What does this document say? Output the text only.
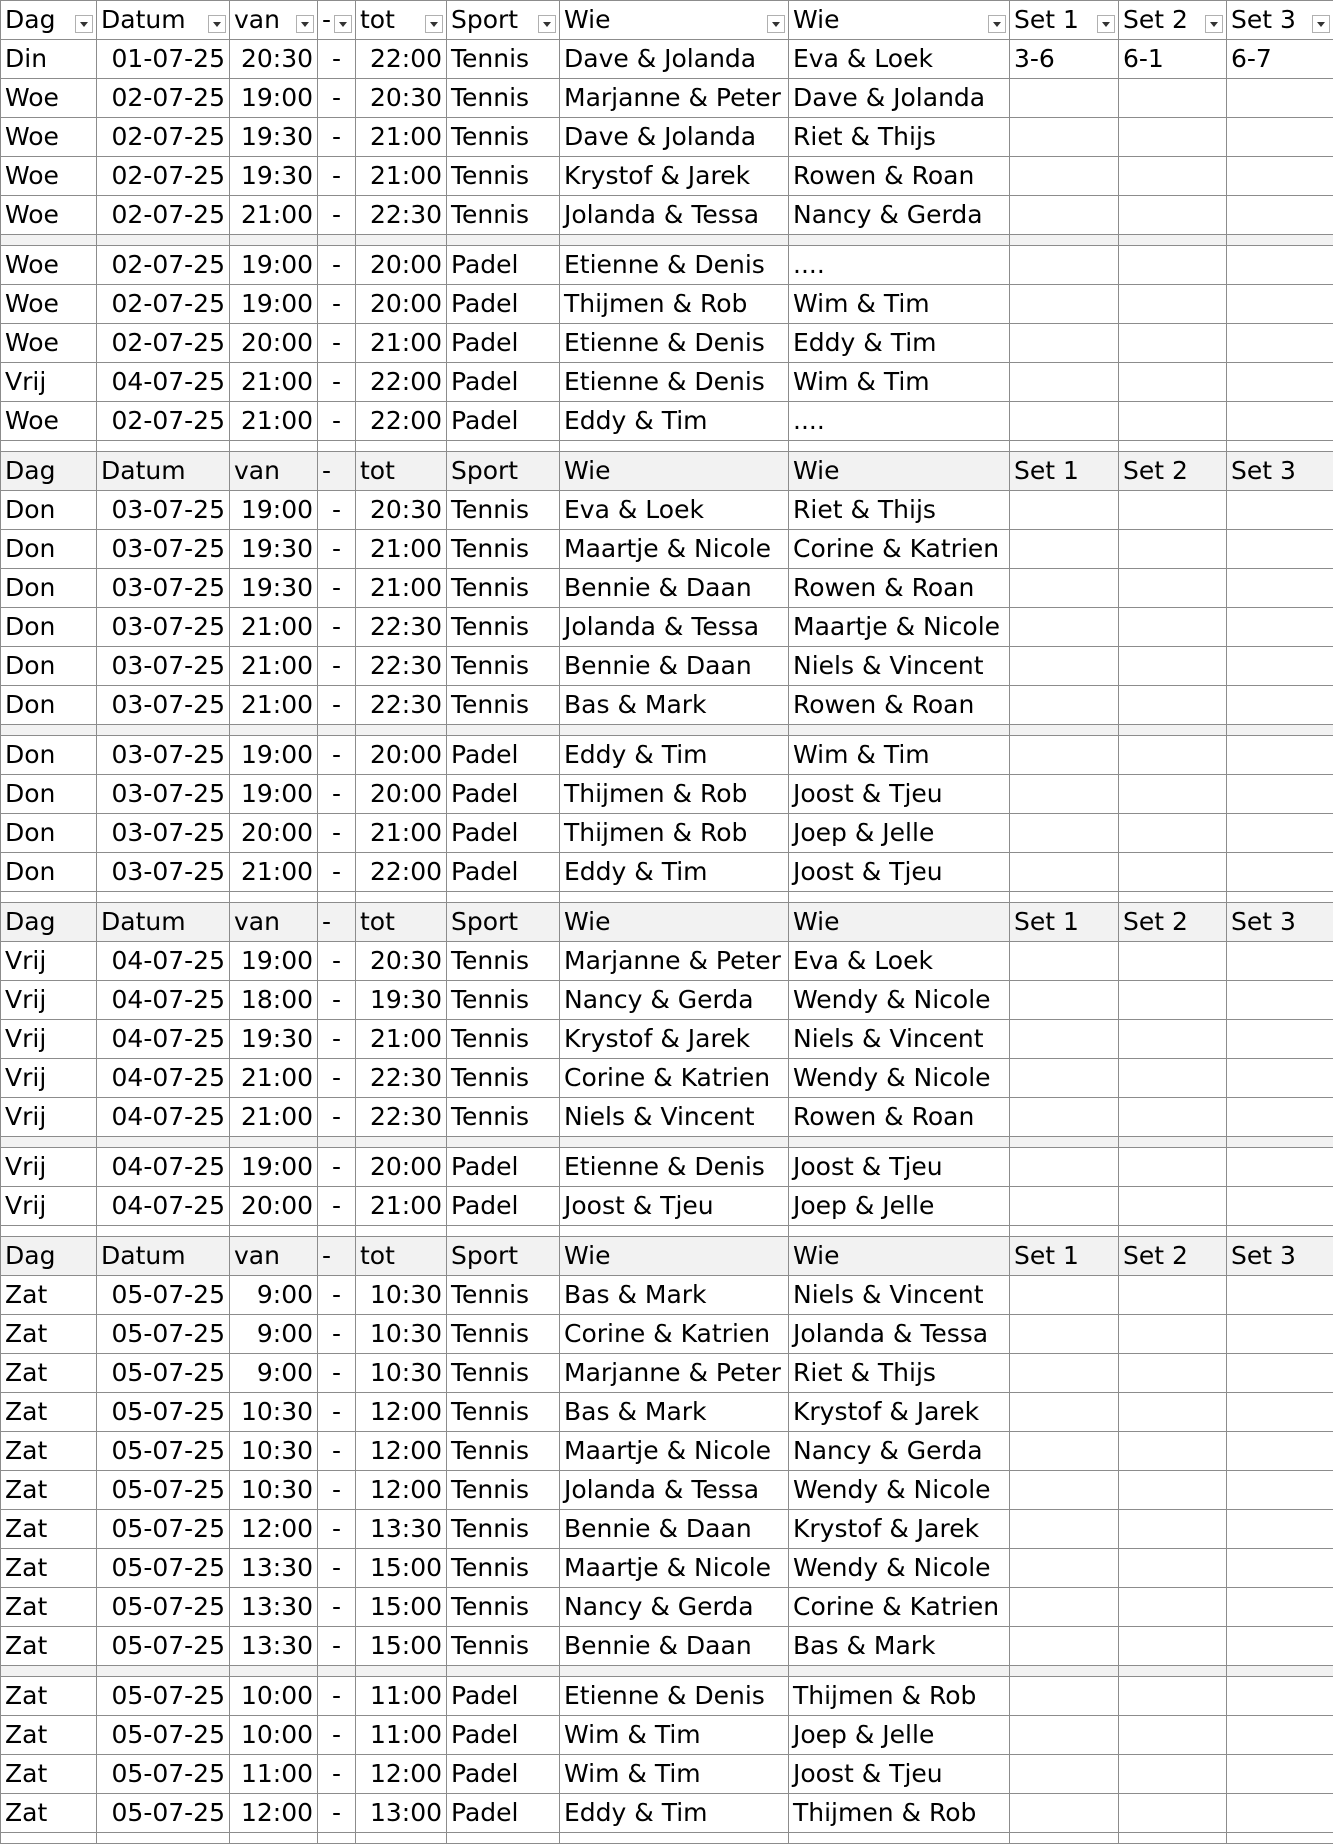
Dag	Datum	van	-	tot	Sport	Wie	Wie	Set 1	Set 2	Set 3

Din	01-07-25	20:30	-	22:00	Tennis	Dave & Jolanda	Eva & Loek	3-6	6-1	6-7
Woe	02-07-25	19:00	-	20:30	Tennis	Marjanne & Peter	Dave & Jolanda			
Woe	02-07-25	19:30	-	21:00	Tennis	Dave & Jolanda	Riet & Thijs			
Woe	02-07-25	19:30	-	21:00	Tennis	Krystof & Jarek	Rowen & Roan			
Woe	02-07-25	21:00	-	22:30	Tennis	Jolanda & Tessa	Nancy & Gerda			

Woe	02-07-25	19:00	-	20:00	Padel	Etienne & Denis	....			
Woe	02-07-25	19:00	-	20:00	Padel	Thijmen & Rob	Wim & Tim			
Woe	02-07-25	20:00	-	21:00	Padel	Etienne & Denis	Eddy & Tim			
Vrij	04-07-25	21:00	-	22:00	Padel	Etienne & Denis	Wim & Tim			
Woe	02-07-25	21:00	-	22:00	Padel	Eddy & Tim	....			

Dag	Datum	van	-	tot	Sport	Wie	Wie	Set 1	Set 2	Set 3
Don	03-07-25	19:00	-	20:30	Tennis	Eva & Loek	Riet & Thijs			
Don	03-07-25	19:30	-	21:00	Tennis	Maartje & Nicole	Corine & Katrien			
Don	03-07-25	19:30	-	21:00	Tennis	Bennie & Daan	Rowen & Roan			
Don	03-07-25	21:00	-	22:30	Tennis	Jolanda & Tessa	Maartje & Nicole			
Don	03-07-25	21:00	-	22:30	Tennis	Bennie & Daan	Niels & Vincent			
Don	03-07-25	21:00	-	22:30	Tennis	Bas & Mark	Rowen & Roan			

Don	03-07-25	19:00	-	20:00	Padel	Eddy & Tim	Wim & Tim			
Don	03-07-25	19:00	-	20:00	Padel	Thijmen & Rob	Joost & Tjeu			
Don	03-07-25	20:00	-	21:00	Padel	Thijmen & Rob	Joep & Jelle			
Don	03-07-25	21:00	-	22:00	Padel	Eddy & Tim	Joost & Tjeu			

Dag	Datum	van	-	tot	Sport	Wie	Wie	Set 1	Set 2	Set 3
Vrij	04-07-25	19:00	-	20:30	Tennis	Marjanne & Peter	Eva & Loek			
Vrij	04-07-25	18:00	-	19:30	Tennis	Nancy & Gerda	Wendy & Nicole			
Vrij	04-07-25	19:30	-	21:00	Tennis	Krystof & Jarek	Niels & Vincent			
Vrij	04-07-25	21:00	-	22:30	Tennis	Corine & Katrien	Wendy & Nicole			
Vrij	04-07-25	21:00	-	22:30	Tennis	Niels & Vincent	Rowen & Roan			

Vrij	04-07-25	19:00	-	20:00	Padel	Etienne & Denis	Joost & Tjeu			
Vrij	04-07-25	20:00	-	21:00	Padel	Joost & Tjeu	Joep & Jelle			

Dag	Datum	van	-	tot	Sport	Wie	Wie	Set 1	Set 2	Set 3
Zat	05-07-25	9:00	-	10:30	Tennis	Bas & Mark	Niels & Vincent			
Zat	05-07-25	9:00	-	10:30	Tennis	Corine & Katrien	Jolanda & Tessa			
Zat	05-07-25	9:00	-	10:30	Tennis	Marjanne & Peter	Riet & Thijs			
Zat	05-07-25	10:30	-	12:00	Tennis	Bas & Mark	Krystof & Jarek			
Zat	05-07-25	10:30	-	12:00	Tennis	Maartje & Nicole	Nancy & Gerda			
Zat	05-07-25	10:30	-	12:00	Tennis	Jolanda & Tessa	Wendy & Nicole			
Zat	05-07-25	12:00	-	13:30	Tennis	Bennie & Daan	Krystof & Jarek			
Zat	05-07-25	13:30	-	15:00	Tennis	Maartje & Nicole	Wendy & Nicole			
Zat	05-07-25	13:30	-	15:00	Tennis	Nancy & Gerda	Corine & Katrien			
Zat	05-07-25	13:30	-	15:00	Tennis	Bennie & Daan	Bas & Mark			

Zat	05-07-25	10:00	-	11:00	Padel	Etienne & Denis	Thijmen & Rob			
Zat	05-07-25	10:00	-	11:00	Padel	Wim & Tim	Joep & Jelle			
Zat	05-07-25	11:00	-	12:00	Padel	Wim & Tim	Joost & Tjeu			
Zat	05-07-25	12:00	-	13:00	Padel	Eddy & Tim	Thijmen & Rob			
